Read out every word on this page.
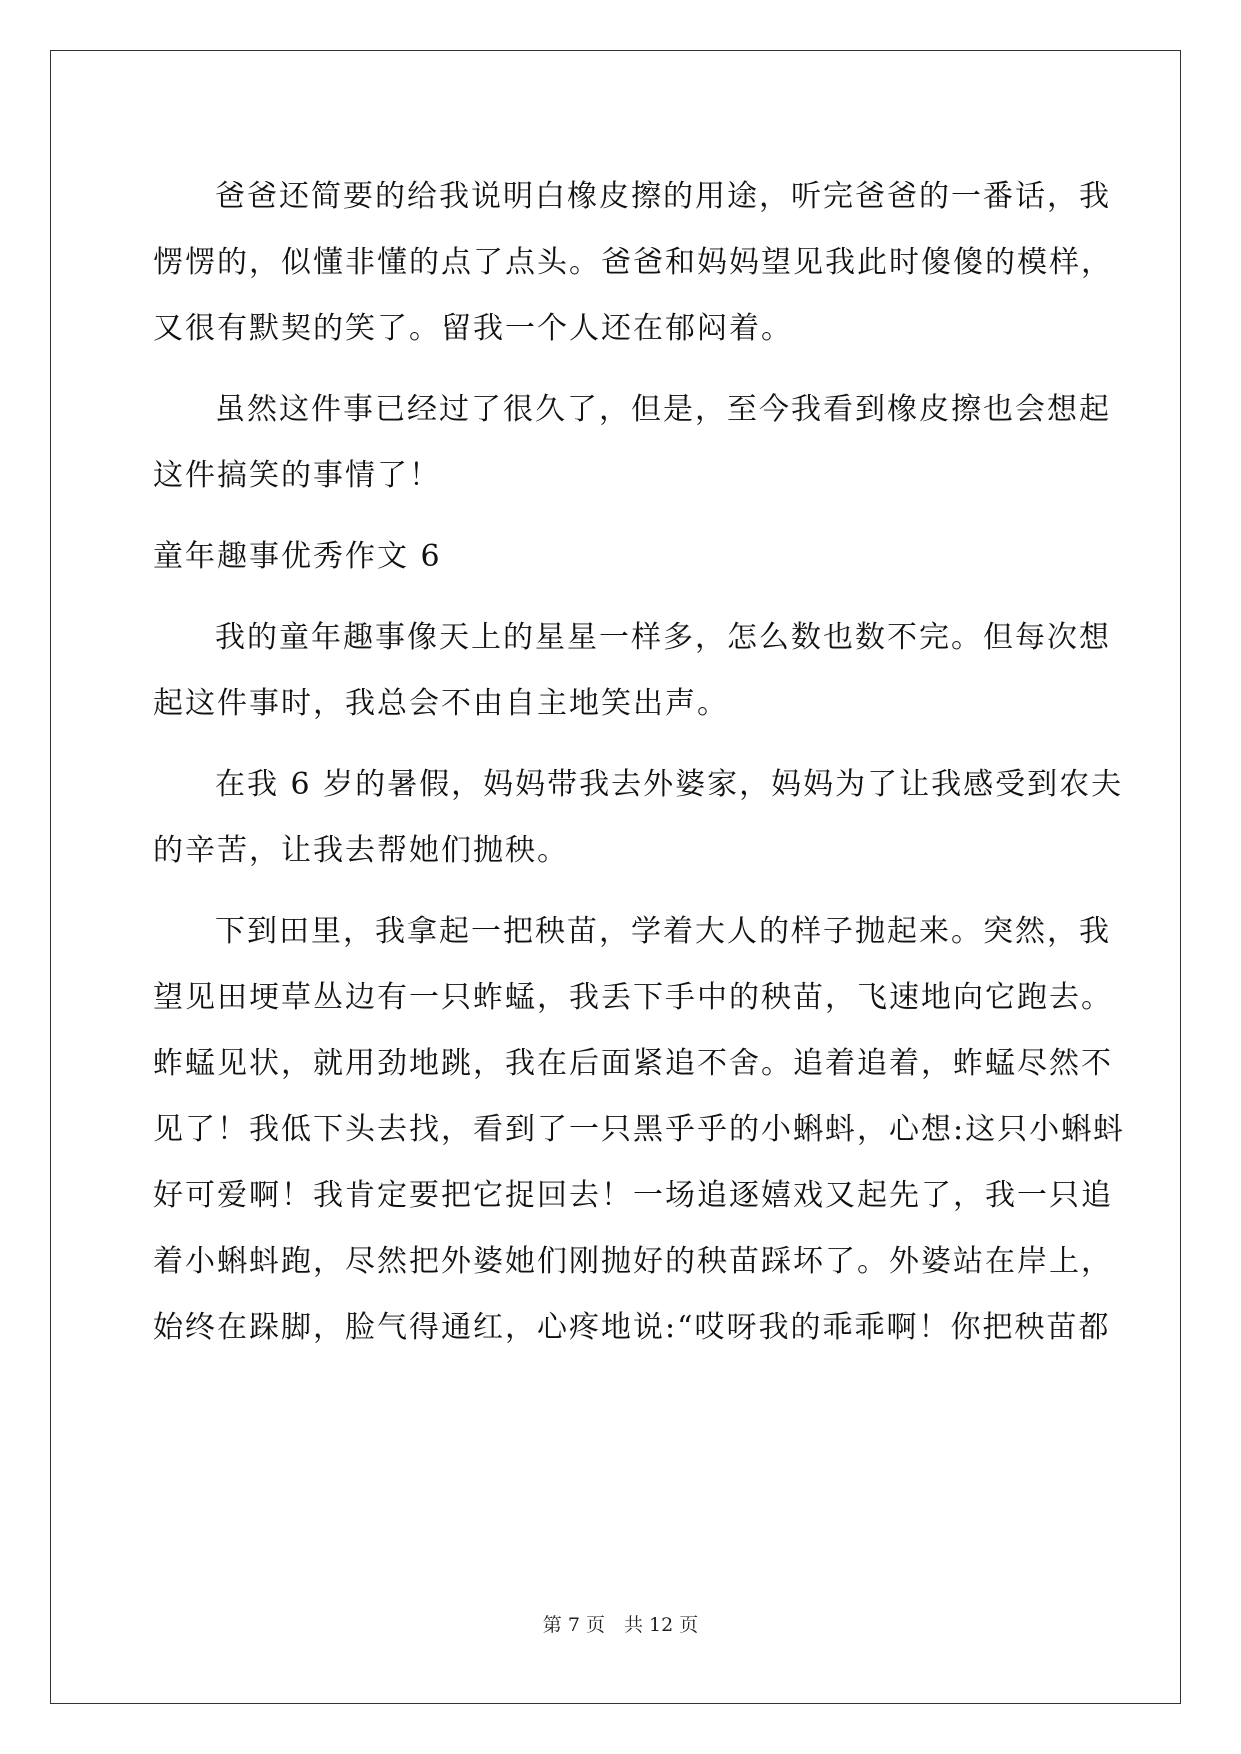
爸爸还简要的给我说明白橡皮擦的用途，听完爸爸的一番话，我
愣愣的，似懂非懂的点了点头。爸爸和妈妈望见我此时傻傻的模样，
又很有默契的笑了。留我一个人还在郁闷着。
虽然这件事已经过了很久了，但是，至今我看到橡皮擦也会想起
这件搞笑的事情了！
童年趣事优秀作文 6
我的童年趣事像天上的星星一样多，怎么数也数不完。但每次想
起这件事时，我总会不由自主地笑出声。
在我 6 岁的暑假，妈妈带我去外婆家，妈妈为了让我感受到农夫
的辛苦，让我去帮她们抛秧。
下到田里，我拿起一把秧苗，学着大人的样子抛起来。突然，我
望见田埂草丛边有一只蚱蜢，我丢下手中的秧苗，飞速地向它跑去。
蚱蜢见状，就用劲地跳，我在后面紧追不舍。追着追着，蚱蜢尽然不
见了！我低下头去找，看到了一只黑乎乎的小蝌蚪，心想:这只小蝌蚪
好可爱啊！我肯定要把它捉回去！一场追逐嬉戏又起先了，我一只追
着小蝌蚪跑，尽然把外婆她们刚抛好的秧苗踩坏了。外婆站在岸上，
始终在跺脚，脸气得通红，心疼地说:“哎呀我的乖乖啊！你把秧苗都
第 7 页　共 12 页
